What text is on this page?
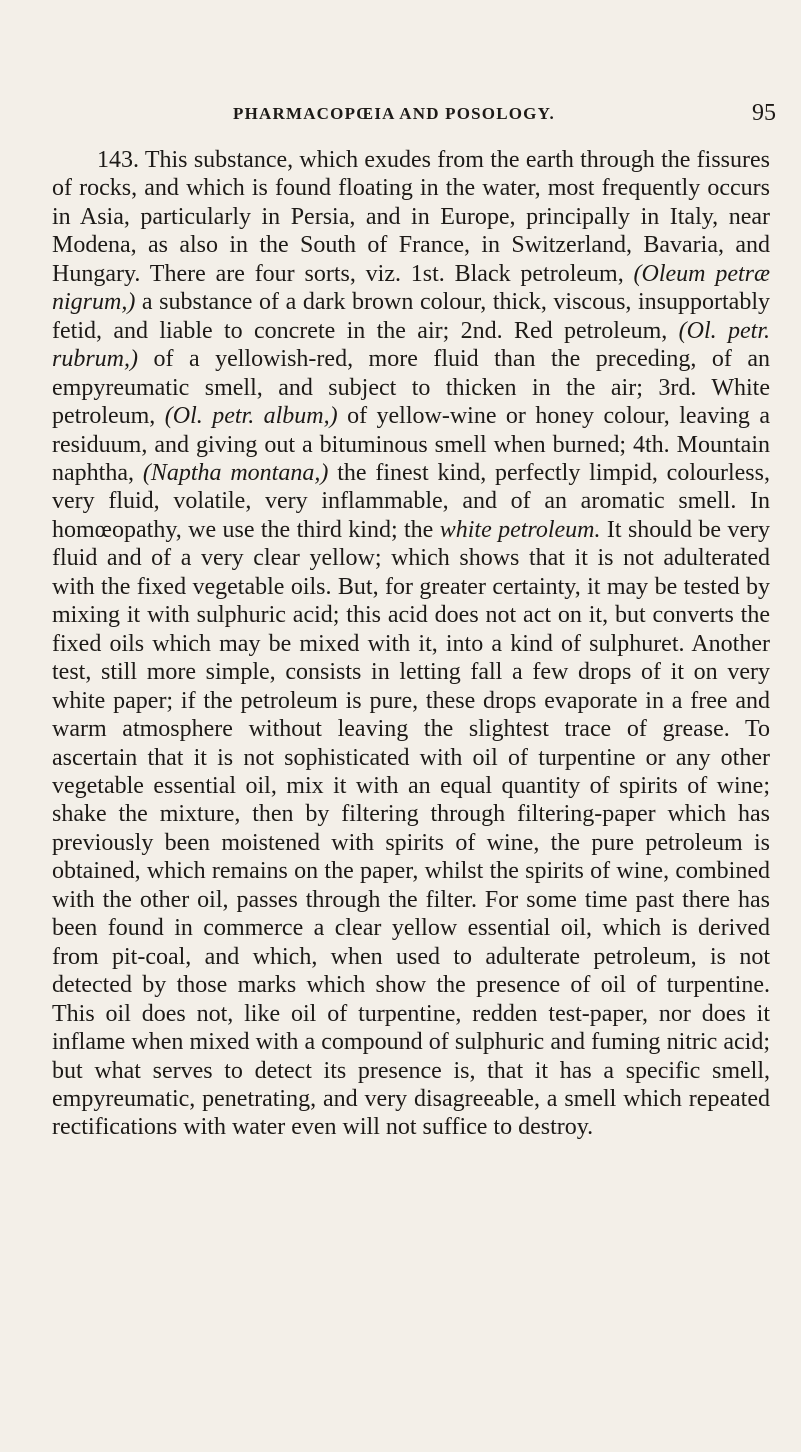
PHARMACOPŒIA AND POSOLOGY.	95

143. This substance, which exudes from the earth through the fissures of rocks, and which is found floating in the water, most frequently occurs in Asia, particularly in Persia, and in Europe, principally in Italy, near Modena, as also in the South of France, in Switzerland, Bavaria, and Hungary. There are four sorts, viz. 1st. Black petroleum, (Oleum petræ nigrum,) a substance of a dark brown colour, thick, viscous, insupportably fetid, and liable to concrete in the air; 2nd. Red petroleum, (Ol. petr. rubrum,) of a yellowish-red, more fluid than the preceding, of an empyreumatic smell, and subject to thicken in the air; 3rd. White petroleum, (Ol. petr. album,) of yellow-wine or honey colour, leaving a residuum, and giving out a bituminous smell when burned; 4th. Mountain naphtha, (Naptha montana,) the finest kind, perfectly limpid, colourless, very fluid, volatile, very inflammable, and of an aromatic smell. In homœopathy, we use the third kind; the white petroleum. It should be very fluid and of a very clear yellow; which shows that it is not adulterated with the fixed vegetable oils. But, for greater certainty, it may be tested by mixing it with sulphuric acid; this acid does not act on it, but converts the fixed oils which may be mixed with it, into a kind of sulphuret. Another test, still more simple, consists in letting fall a few drops of it on very white paper; if the petroleum is pure, these drops evaporate in a free and warm atmosphere without leaving the slightest trace of grease. To ascertain that it is not sophisticated with oil of turpentine or any other vegetable essential oil, mix it with an equal quantity of spirits of wine; shake the mixture, then by filtering through filtering-paper which has previously been moistened with spirits of wine, the pure petroleum is obtained, which remains on the paper, whilst the spirits of wine, combined with the other oil, passes through the filter. For some time past there has been found in commerce a clear yellow essential oil, which is derived from pit-coal, and which, when used to adulterate petroleum, is not detected by those marks which show the presence of oil of turpentine. This oil does not, like oil of turpentine, redden test-paper, nor does it inflame when mixed with a compound of sulphuric and fuming nitric acid; but what serves to detect its presence is, that it has a specific smell, empyreumatic, penetrating, and very disagreeable, a smell which repeated rectifications with water even will not suffice to destroy.
